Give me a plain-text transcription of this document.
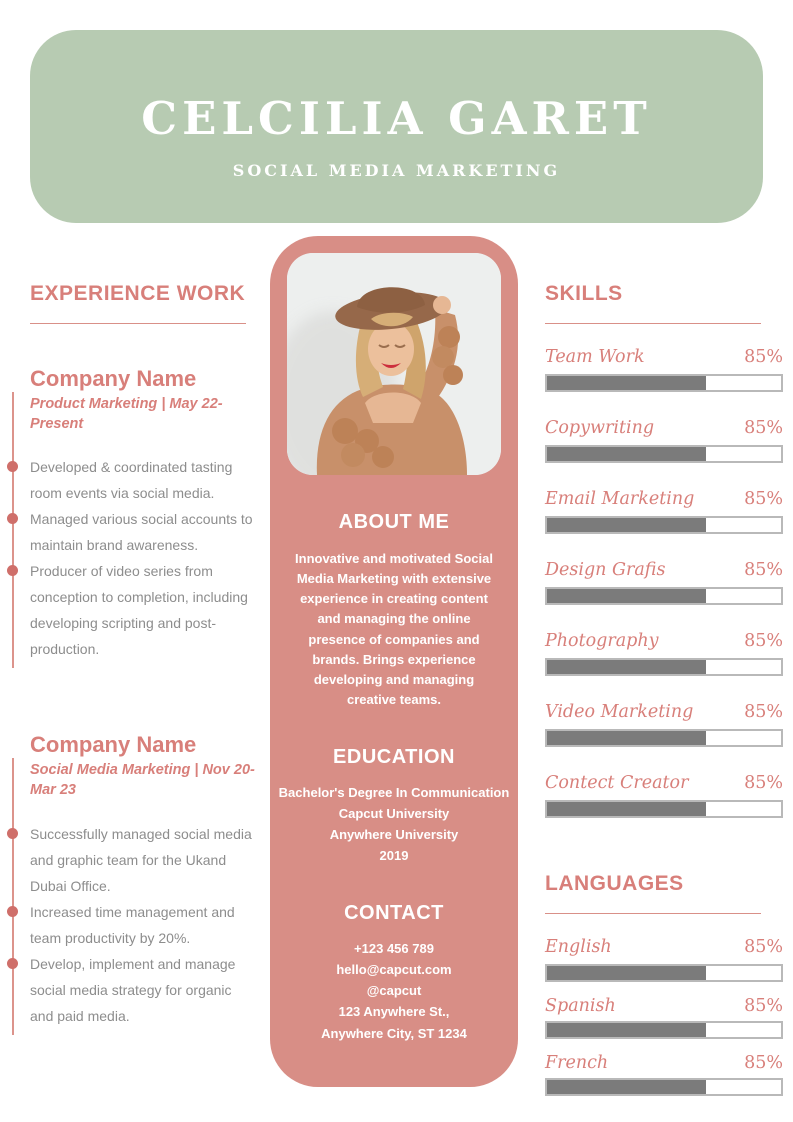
CELCILIA GARET
SOCIAL MEDIA MARKETING
EXPERIENCE WORK
Company Name
Product Marketing | May 22-Present
Developed & coordinated tasting room events via social media.
Managed various social accounts to maintain brand awareness.
Producer of video series from conception to completion, including developing scripting and post-production.
Company Name
Social Media Marketing | Nov 20-Mar 23
Successfully managed social media and graphic team for the Ukand Dubai Office.
Increased time management and team productivity by 20%.
Develop, implement and manage social media strategy for organic and paid media.
ABOUT ME

Innovative and motivated Social Media Marketing with extensive experience in creating content and managing the online presence of companies and brands. Brings experience developing and managing creative teams.

EDUCATION
Bachelor's Degree In Communication
Capcut University
Anywhere University
2019
CONTACT
+123 456 789
hello@capcut.com
@capcut
123 Anywhere St.,
Anywhere City, ST 1234
SKILLS
Team Work	85%
Copywriting	85%
Email Marketing	85%
Design Grafis	85%
Photography	85%
Video Marketing	85%
Contect Creator	85%
LANGUAGES
English	85%
Spanish	85%
French	85%
